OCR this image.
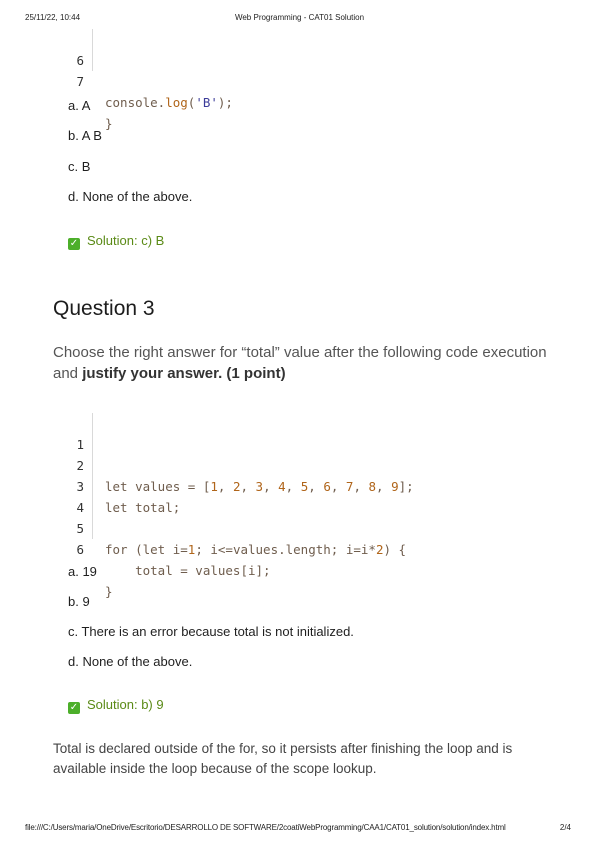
25/11/22, 10:44	Web Programming - CAT01 Solution

6

console.log('B');

7

}

a. A
b. A B
c. B
d. None of the above.
✓ Solution: c) B
Question 3
Choose the right answer for “total” value after the following code execution and justify your answer. (1 point)

1

let values = [1, 2, 3, 4, 5, 6, 7, 8, 9];

2

let total;

3

4

for (let i=1; i<=values.length; i=i*2) {

5

total = values[i];

6

}

a. 19
b. 9
c. There is an error because total is not initialized.
d. None of the above.
✓ Solution: b) 9
Total is declared outside of the for, so it persists after finishing the loop and is available inside the loop because of the scope lookup.
file:///C:/Users/maria/OneDrive/Escritorio/DESARROLLO DE SOFTWARE/2coatiWebProgramming/CAA1/CAT01_solution/solution/index.html	2/4
